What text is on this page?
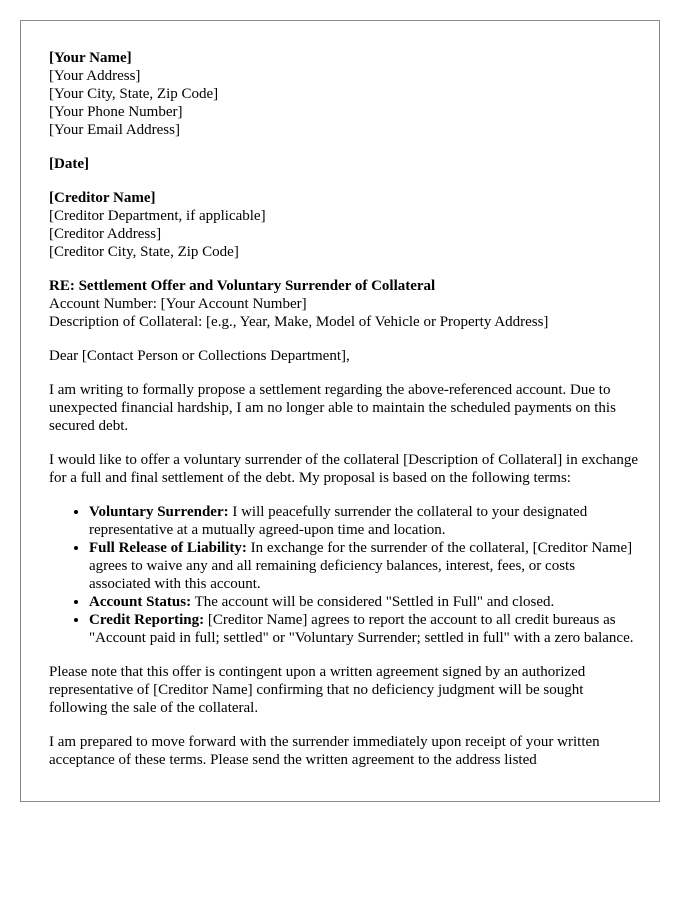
[Your Name]
[Your Address]
[Your City, State, Zip Code]
[Your Phone Number]
[Your Email Address]
[Date]
[Creditor Name]
[Creditor Department, if applicable]
[Creditor Address]
[Creditor City, State, Zip Code]
RE: Settlement Offer and Voluntary Surrender of Collateral
Account Number: [Your Account Number]
Description of Collateral: [e.g., Year, Make, Model of Vehicle or Property Address]

Dear [Contact Person or Collections Department],

I am writing to formally propose a settlement regarding the above-referenced account. Due to unexpected financial hardship, I am no longer able to maintain the scheduled payments on this secured debt.

I would like to offer a voluntary surrender of the collateral [Description of Collateral] in exchange for a full and final settlement of the debt. My proposal is based on the following terms:

• Voluntary Surrender: I will peacefully surrender the collateral to your designated representative at a mutually agreed-upon time and location.
• Full Release of Liability: In exchange for the surrender of the collateral, [Creditor Name] agrees to waive any and all remaining deficiency balances, interest, fees, or costs associated with this account.
• Account Status: The account will be considered "Settled in Full" and closed.
• Credit Reporting: [Creditor Name] agrees to report the account to all credit bureaus as "Account paid in full; settled" or "Voluntary Surrender; settled in full" with a zero balance.

Please note that this offer is contingent upon a written agreement signed by an authorized representative of [Creditor Name] confirming that no deficiency judgment will be sought following the sale of the collateral.

I am prepared to move forward with the surrender immediately upon receipt of your written acceptance of these terms. Please send the written agreement to the address listed
